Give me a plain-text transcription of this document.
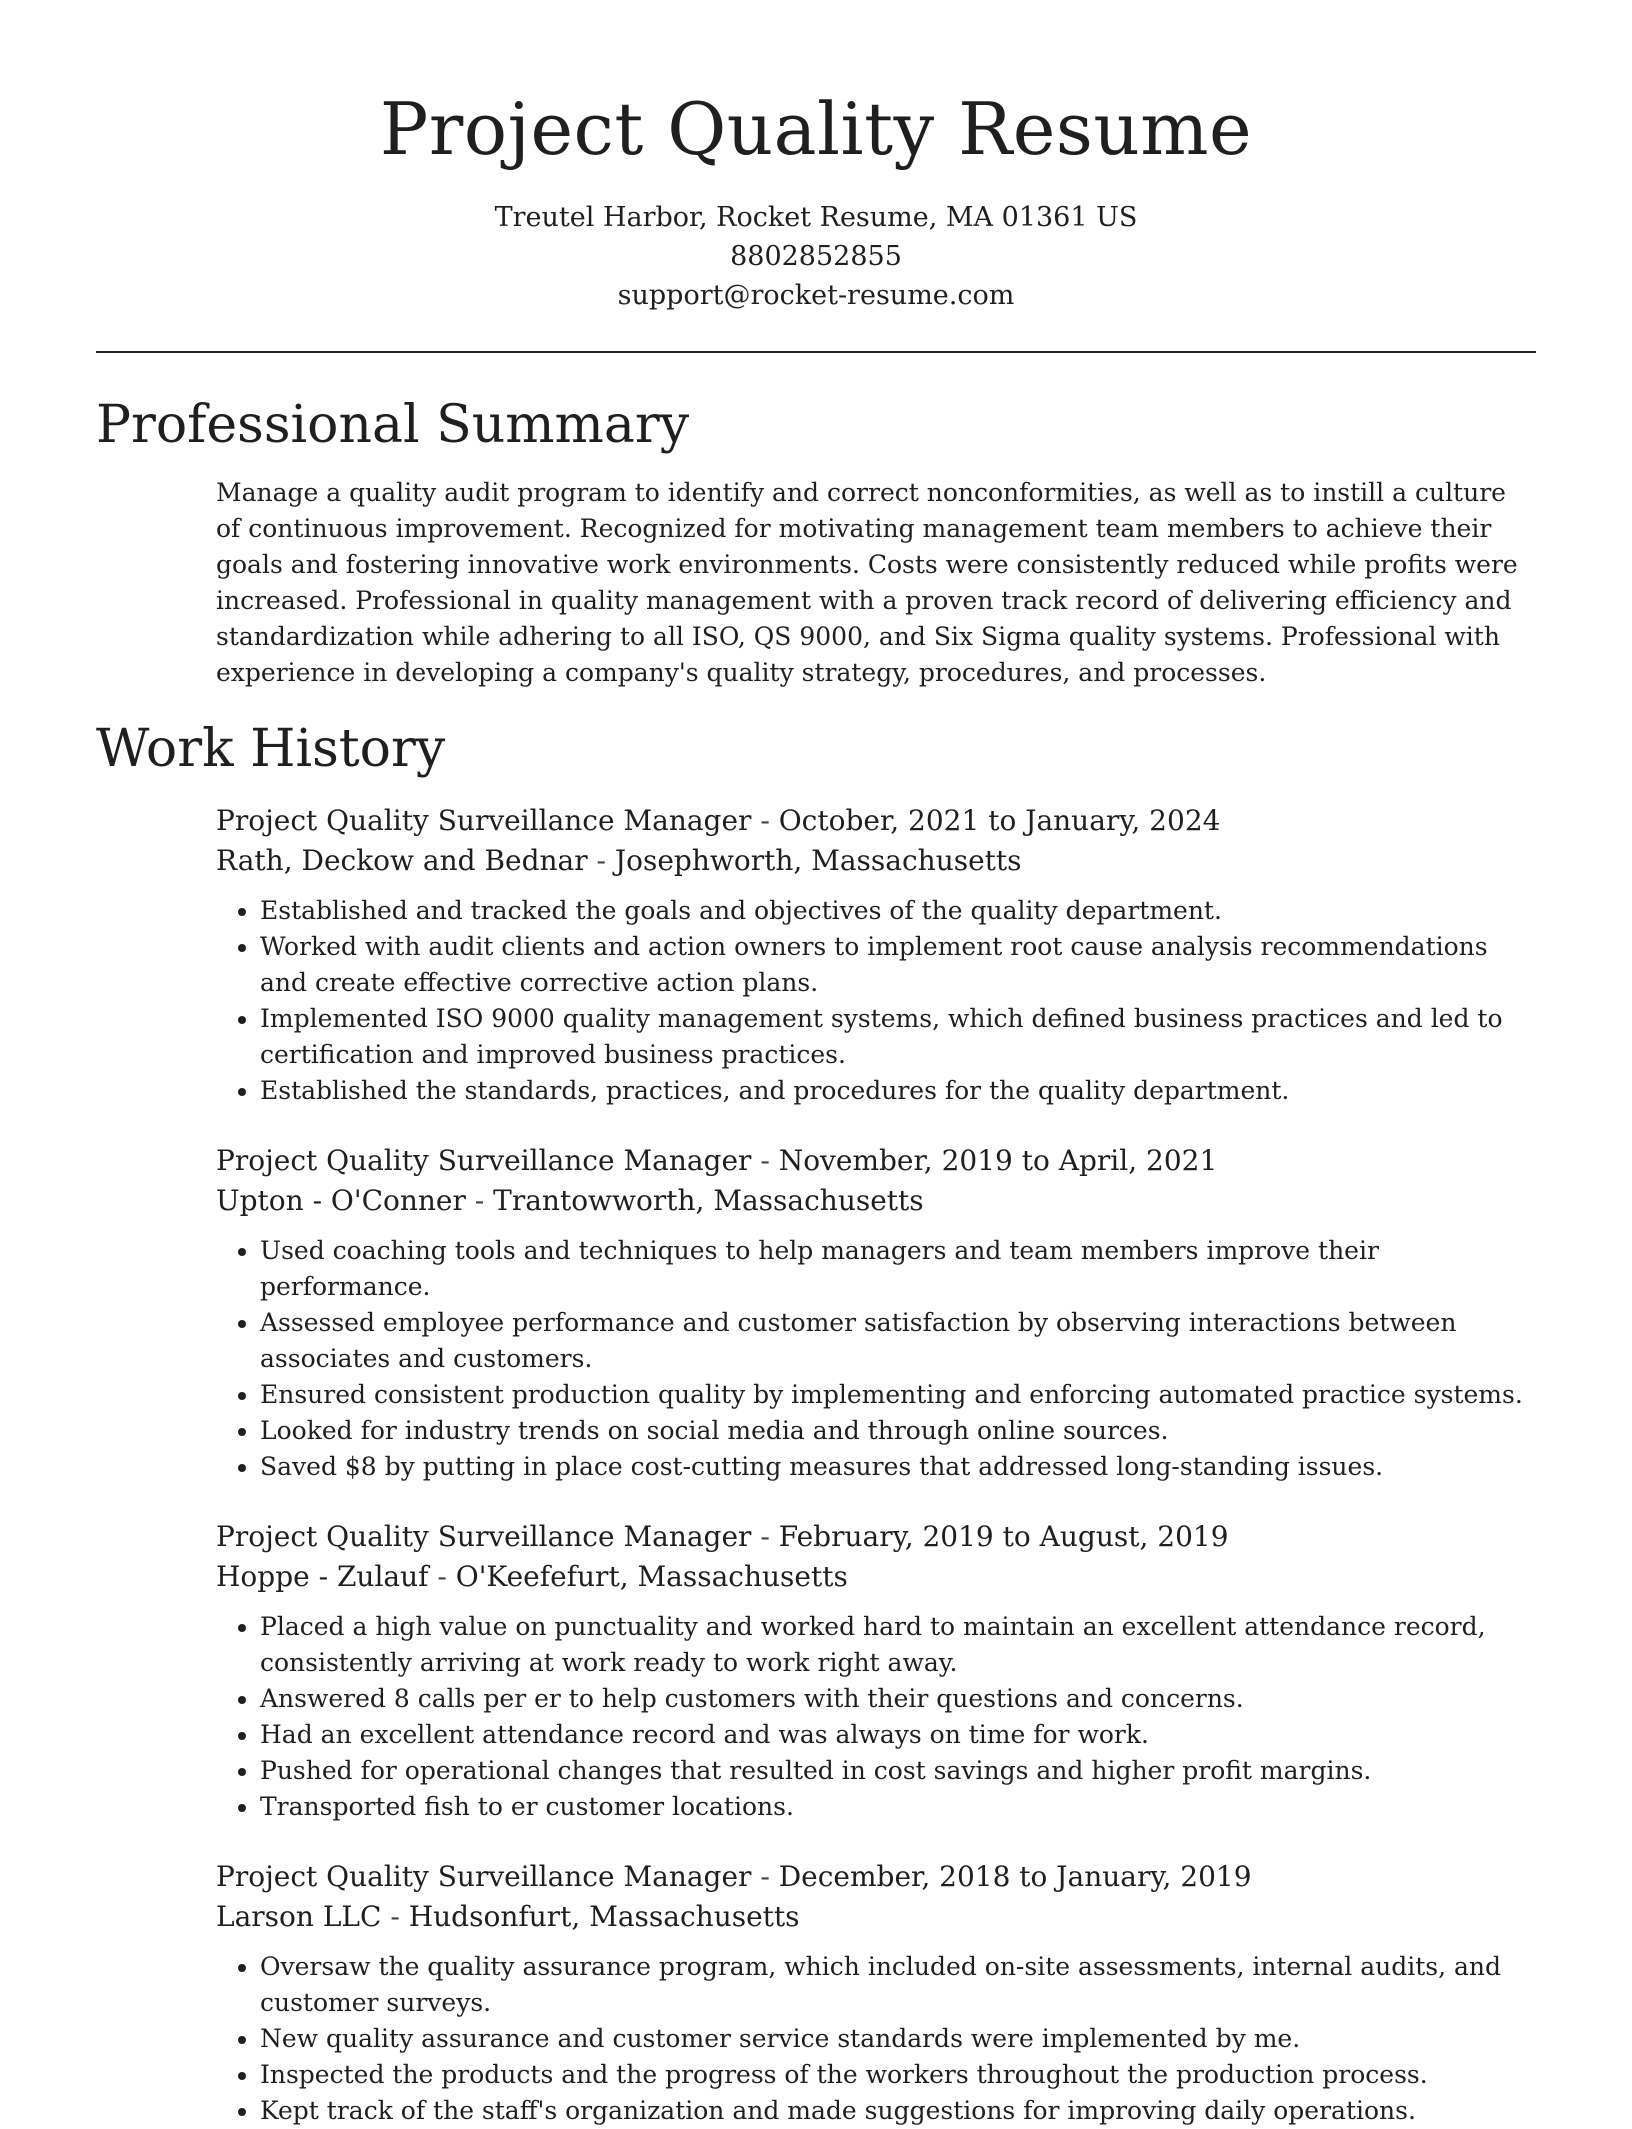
Project Quality Resume
Treutel Harbor, Rocket Resume, MA 01361 US
8802852855
support@rocket-resume.com
Professional Summary

Manage a quality audit program to identify and correct nonconformities, as well as to instill a culture of continuous improvement. Recognized for motivating management team members to achieve their goals and fostering innovative work environments. Costs were consistently reduced while profits were increased. Professional in quality management with a proven track record of delivering efficiency and standardization while adhering to all ISO, QS 9000, and Six Sigma quality systems. Professional with experience in developing a company's quality strategy, procedures, and processes.

Work History
Project Quality Surveillance Manager - October, 2021 to January, 2024
Rath, Deckow and Bednar - Josephworth, Massachusetts
• Established and tracked the goals and objectives of the quality department.
• Worked with audit clients and action owners to implement root cause analysis recommendations and create effective corrective action plans.
• Implemented ISO 9000 quality management systems, which defined business practices and led to certification and improved business practices.
• Established the standards, practices, and procedures for the quality department.
Project Quality Surveillance Manager - November, 2019 to April, 2021
Upton - O'Conner - Trantowworth, Massachusetts
• Used coaching tools and techniques to help managers and team members improve their performance.
• Assessed employee performance and customer satisfaction by observing interactions between associates and customers.
• Ensured consistent production quality by implementing and enforcing automated practice systems.
• Looked for industry trends on social media and through online sources.
• Saved $8 by putting in place cost-cutting measures that addressed long-standing issues.
Project Quality Surveillance Manager - February, 2019 to August, 2019
Hoppe - Zulauf - O'Keefefurt, Massachusetts
• Placed a high value on punctuality and worked hard to maintain an excellent attendance record, consistently arriving at work ready to work right away.
• Answered 8 calls per er to help customers with their questions and concerns.
• Had an excellent attendance record and was always on time for work.
• Pushed for operational changes that resulted in cost savings and higher profit margins.
• Transported fish to er customer locations.
Project Quality Surveillance Manager - December, 2018 to January, 2019
Larson LLC - Hudsonfurt, Massachusetts
• Oversaw the quality assurance program, which included on-site assessments, internal audits, and customer surveys.
• New quality assurance and customer service standards were implemented by me.
• Inspected the products and the progress of the workers throughout the production process.
• Kept track of the staff's organization and made suggestions for improving daily operations.
